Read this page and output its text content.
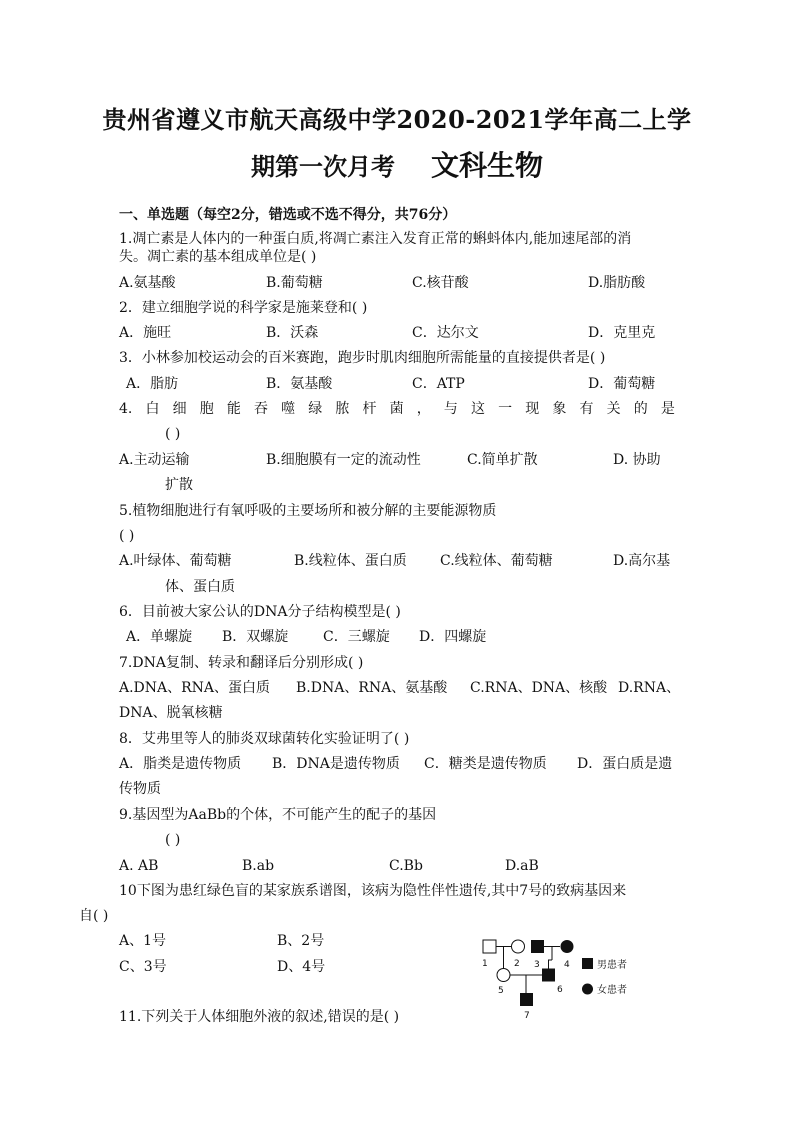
贵州省遵义市航天高级中学2020-2021学年高二上学
期第一次月考 文科生物
一、单选题（每空2分，错选或不选不得分，共76分）
1.凋亡素是人体内的一种蛋白质,将凋亡素注入发育正常的蝌蚪体内,能加速尾部的消
失。凋亡素的基本组成单位是( )
A.氨基酸	B.葡萄糖	C.核苷酸	D.脂肪酸
2．建立细胞学说的科学家是施莱登和( )
A．施旺	B．沃森	C．达尔文	D．克里克
3．小林参加校运动会的百米赛跑，跑步时肌肉细胞所需能量的直接提供者是( )
A．脂肪	B．氨基酸	C．ATP	D．葡萄糖
4. 白 细 胞 能 吞 噬 绿 脓 杆 菌 ， 与 这 一 现 象 有 关 的 是
( )
A.主动运输	B.细胞膜有一定的流动性	C.简单扩散	D. 协助
扩散
5.植物细胞进行有氧呼吸的主要场所和被分解的主要能源物质
( )
A.叶绿体、葡萄糖	B.线粒体、蛋白质 C.线粒体、葡萄糖	D.高尔基
体、蛋白质
6．目前被大家公认的DNA分子结构模型是( )
A．单螺旋 B．双螺旋 C．三螺旋 D．四螺旋
7.DNA复制、转录和翻译后分别形成( )
A.DNA、RNA、蛋白质 B.DNA、RNA、氨基酸 C.RNA、DNA、核酸 D.RNA、
DNA、脱氧核糖
8．艾弗里等人的肺炎双球菌转化实验证明了( )
A．脂类是遗传物质 B．DNA是遗传物质 C．糖类是遗传物质 D．蛋白质是遗
传物质
9.基因型为AaBb的个体，不可能产生的配子的基因
( )
A. AB	B.ab	C.Bb	D.aB
10下图为患红绿色盲的某家族系谱图，该病为隐性伴性遗传,其中7号的致病基因来
自( )
A、1号	B、2号
C、3号	D、4号	1	2 3	4
5	6
7
男患者
女患者
11.下列关于人体细胞外液的叙述,错误的是( )
